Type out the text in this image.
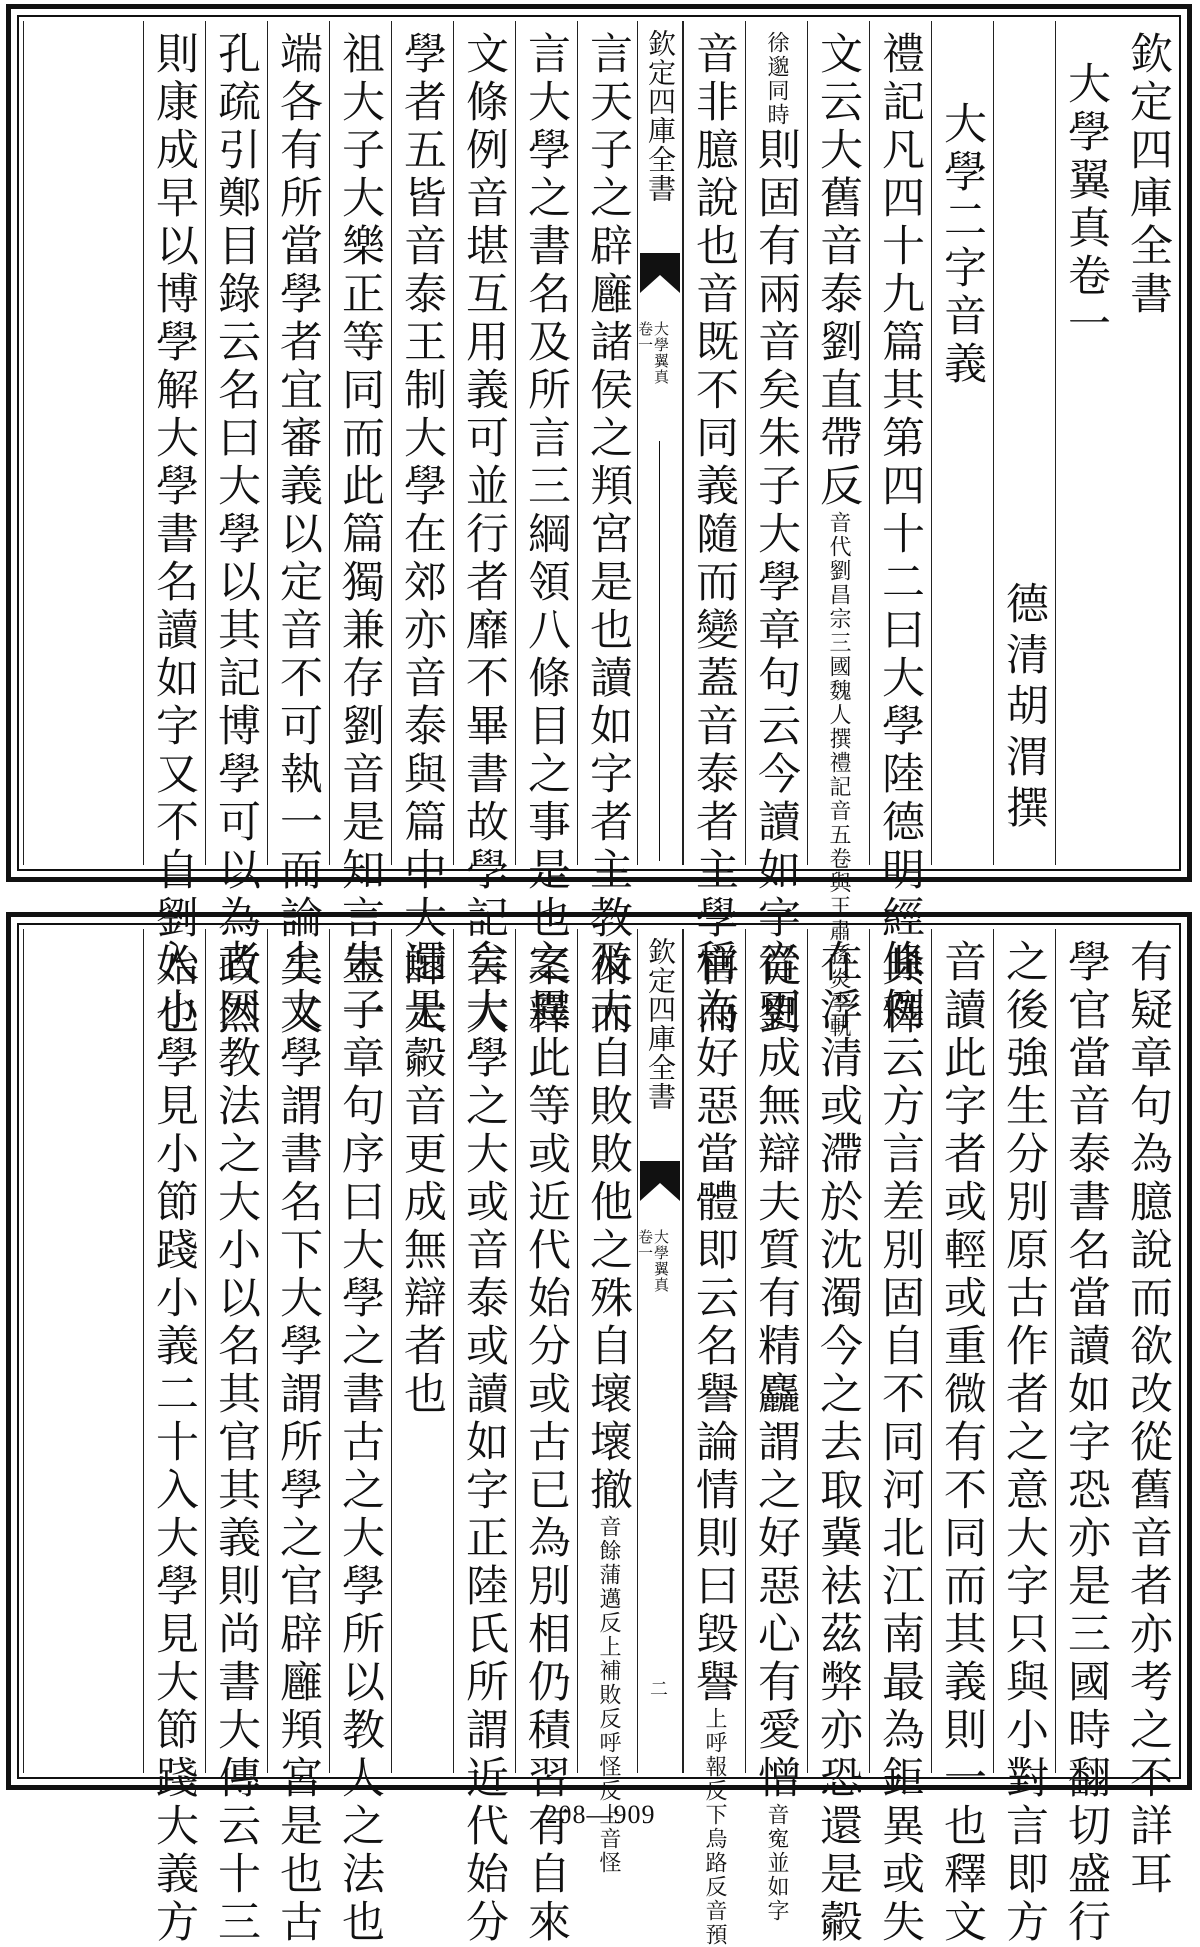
欽定四庫全書
大學翼真卷一
德清胡渭撰
大學二字音義
禮記凡四十九篇其第四十二曰大學陸德明經典釋
文云大舊音泰劉直帶反音代劉昌宗三國魏人撰禮記音五卷與王肅孫炎李軌
徐邈同時則固有兩音矣朱子大學章句云今讀如字從劉
音非臆說也音既不同義隨而變蓋音泰者主學官而
欽定四庫全書
大學翼真
卷一
言天子之辟廱諸侯之頖宮是也讀如字者主教術而
言大學之書名及所言三綱領八條目之事是也案釋
文條例音堪互用義可並行者靡不畢書故學記言大
學者五皆音泰王制大學在郊亦音泰與篇中大師大
祖大子大樂正等同而此篇獨兼存劉音是知言豈一
端各有所當學者宜審義以定音不可執一而論矣又
孔疏引鄭目錄云名曰大學以其記博學可以為政然
則康成早以博學解大學書名讀如字又不自劉始也
有疑章句為臆說而欲改從舊音者亦考之不詳耳
學官當音泰書名當讀如字恐亦是三國時翻切盛行
之後強生分別原古作者之意大字只與小對言即方
音讀此字者或輕或重微有不同而其義則一也釋文
條例云方言差別固自不同河北江南最為鉅異或失
在浮清或滯於沈濁今之去取冀袪茲弊亦恐還是㲉
音更成無辯夫質有精麤謂之好惡心有愛憎音寃並如字
稱為好惡當體即云名譽論情則曰毀譽上呼報反下烏路反音預
欽定四庫全書
大學翼真
卷一
二
及夫自敗敗他之殊自壞壞撤音餘蒲邁反上補敗反呼怪反上音怪
之異此等或近代始分或古已為別相仍積習有自來
矣大學之大或音泰或讀如字正陸氏所謂近代始分
還是㲉音更成無辯者也
朱子章句序曰大學之書古之大學所以教人之法也
上大學謂書名下大學謂所學之官辟廱頖宮是也古
者因教法之大小以名其官其義則尚書大傳云十三
入小學見小節踐小義二十入大學見大節踐大義方	208—909
